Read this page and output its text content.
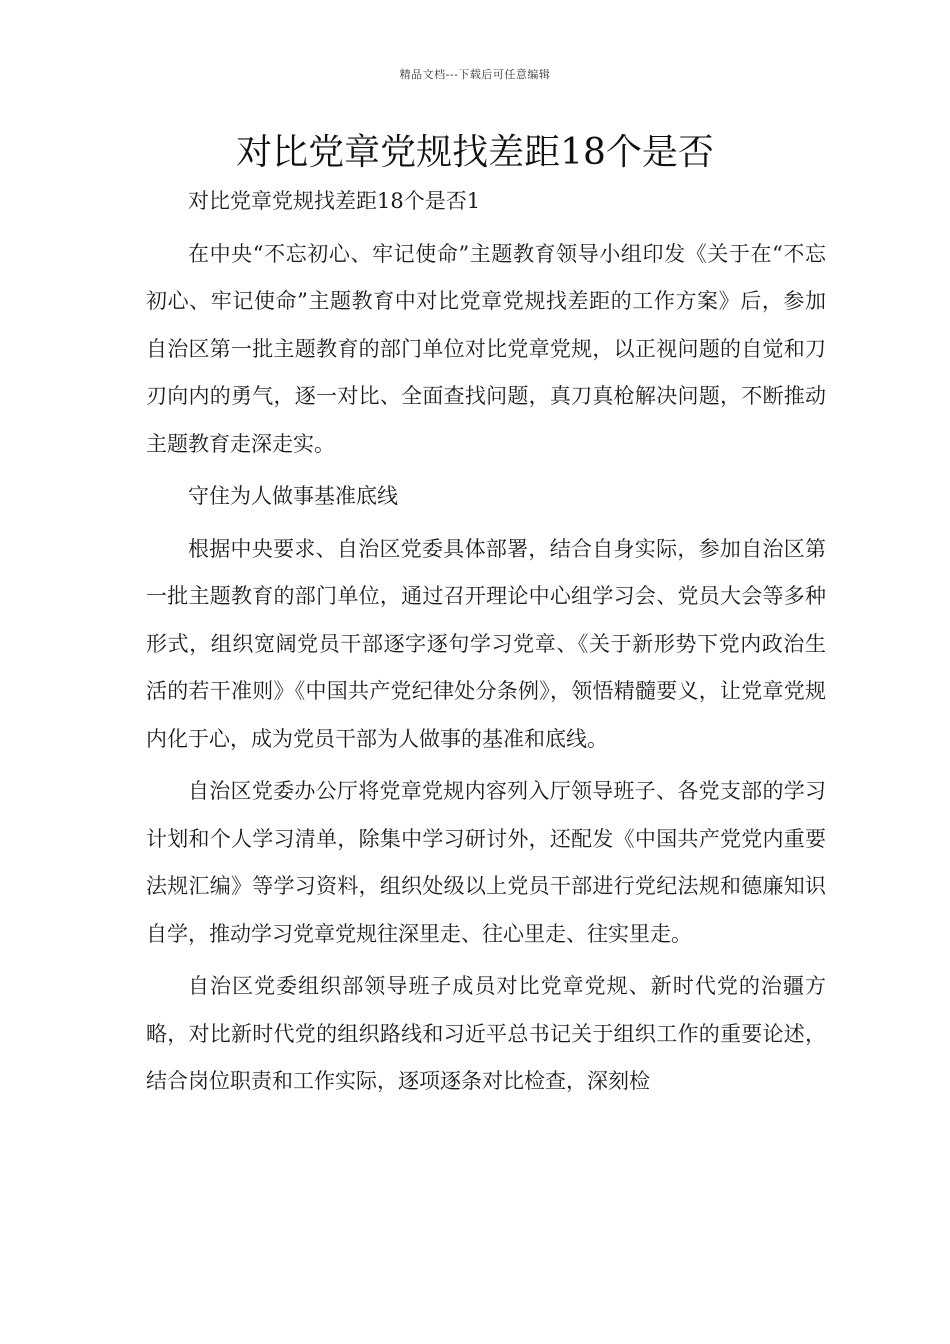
精品文档---下载后可任意编辑
对比党章党规找差距18个是否

对比党章党规找差距18个是否1

在中央“不忘初心、牢记使命”主题教育领导小组印发《关于在“不忘初心、牢记使命”主题教育中对比党章党规找差距的工作方案》后，参加自治区第一批主题教育的部门单位对比党章党规，以正视问题的自觉和刀刃向内的勇气，逐一对比、全面查找问题，真刀真枪解决问题，不断推动主题教育走深走实。

守住为人做事基准底线

根据中央要求、自治区党委具体部署，结合自身实际，参加自治区第一批主题教育的部门单位，通过召开理论中心组学习会、党员大会等多种形式，组织宽阔党员干部逐字逐句学习党章、《关于新形势下党内政治生活的若干准则》《中国共产党纪律处分条例》，领悟精髓要义，让党章党规内化于心，成为党员干部为人做事的基准和底线。

自治区党委办公厅将党章党规内容列入厅领导班子、各党支部的学习计划和个人学习清单，除集中学习研讨外，还配发《中国共产党党内重要法规汇编》等学习资料，组织处级以上党员干部进行党纪法规和德廉知识自学，推动学习党章党规往深里走、往心里走、往实里走。

自治区党委组织部领导班子成员对比党章党规、新时代党的治疆方略，对比新时代党的组织路线和习近平总书记关于组织工作的重要论述，结合岗位职责和工作实际，逐项逐条对比检查，深刻检
